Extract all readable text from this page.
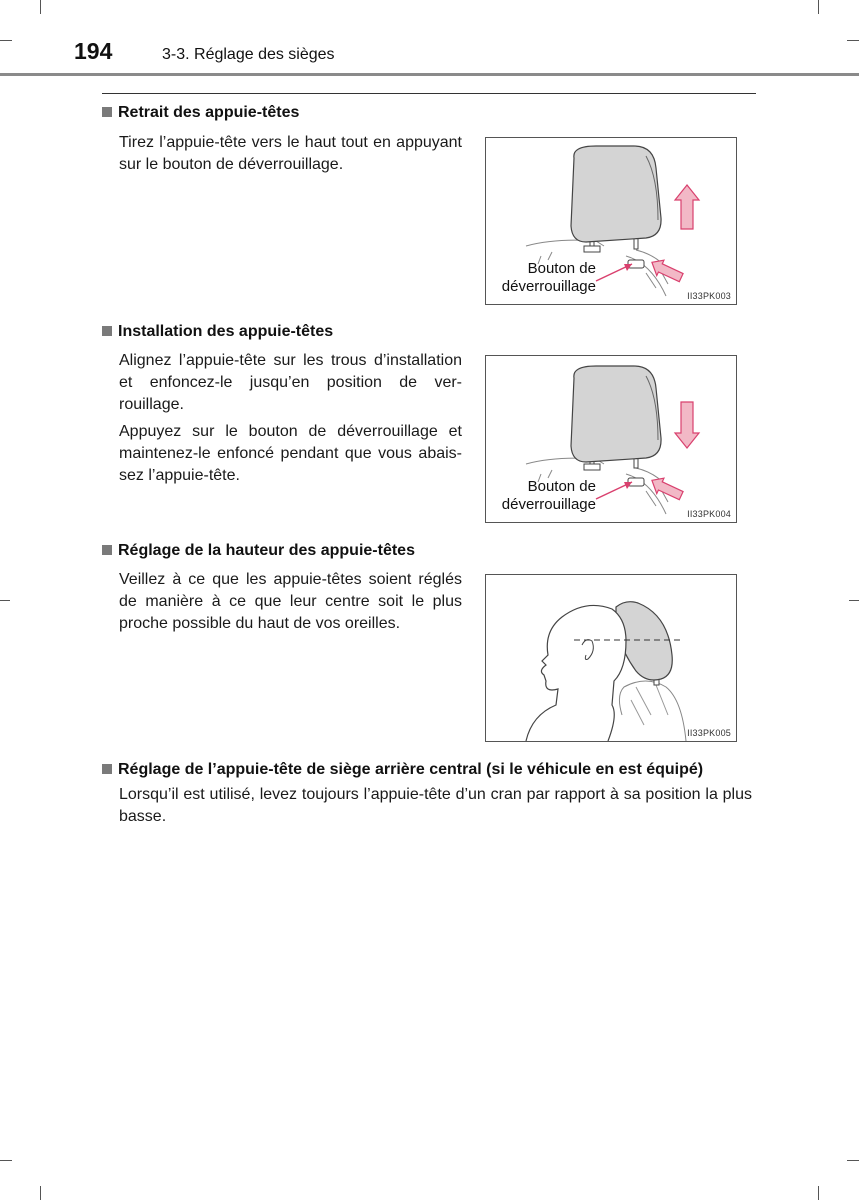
194	3-3. Réglage des sièges
Retrait des appuie-têtes

Tirez l’appuie-tête vers le haut tout en appuyant sur le bouton de déverrouillage.

Bouton de
déverrouillage
II33PK003
Installation des appuie-têtes

Alignez l’appuie-tête sur les trous d’installation et enfoncez-le jusqu’en position de ver-rouillage.

Appuyez sur le bouton de déverrouillage et maintenez-le enfoncé pendant que vous abais-sez l’appuie-tête.

Bouton de
déverrouillage
II33PK004
Réglage de la hauteur des appuie-têtes

Veillez à ce que les appuie-têtes soient réglés de manière à ce que leur centre soit le plus proche possible du haut de vos oreilles.

II33PK005
Réglage de l’appuie-tête de siège arrière central (si le véhicule en est équipé)

Lorsqu’il est utilisé, levez toujours l’appuie-tête d’un cran par rapport à sa position la plus basse.
